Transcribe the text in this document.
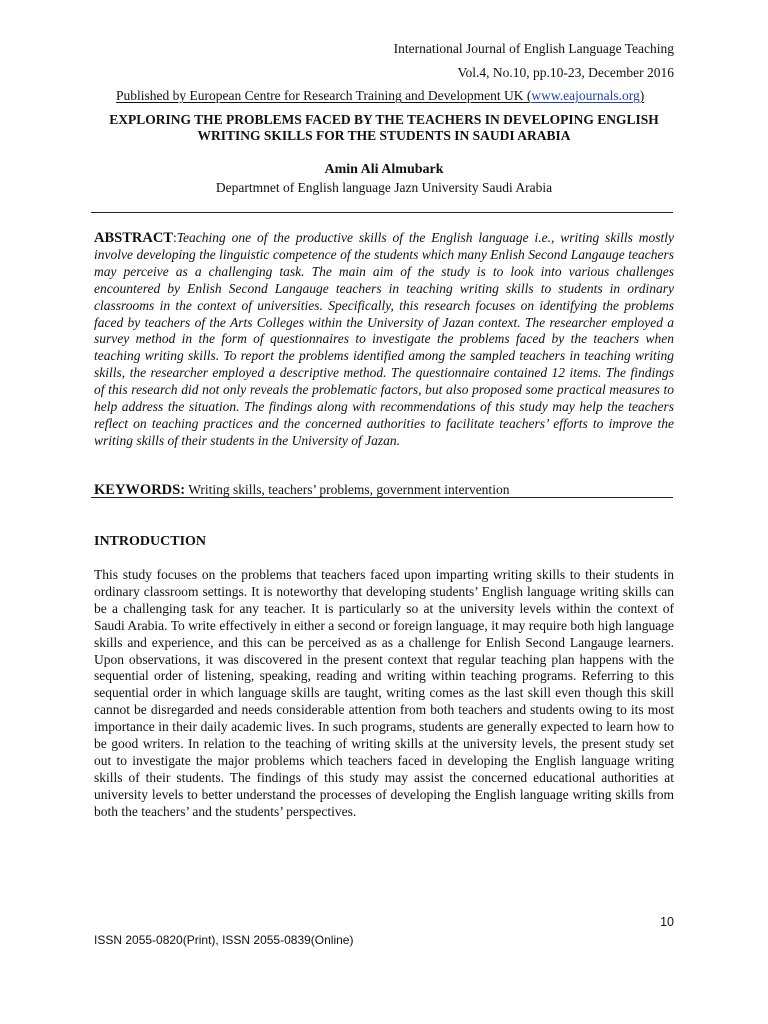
International Journal of English Language Teaching
Vol.4, No.10, pp.10-23, December 2016
Published by European Centre for Research Training and Development UK (www.eajournals.org)
EXPLORING THE PROBLEMS FACED BY THE TEACHERS IN DEVELOPING ENGLISH WRITING SKILLS FOR THE STUDENTS IN SAUDI ARABIA
Amin Ali Almubark
Departmnet of English language Jazn University Saudi Arabia
ABSTRACT:Teaching one of the productive skills of the English language i.e., writing skills mostly involve developing the linguistic competence of the students which many Enlish Second Langauge teachers may perceive as a challenging task. The main aim of the study is to look into various challenges encountered by Enlish Second Langauge teachers in teaching writing skills to students in ordinary classrooms in the context of universities. Specifically, this research focuses on identifying the problems faced by teachers of the Arts Colleges within the University of Jazan context. The researcher employed a survey method in the form of questionnaires to investigate the problems faced by the teachers when teaching writing skills. To report the problems identified among the sampled teachers in teaching writing skills, the researcher employed a descriptive method. The questionnaire contained 12 items. The findings of this research did not only reveals the problematic factors, but also proposed some practical measures to help address the situation. The findings along with recommendations of this study may help the teachers reflect on teaching practices and the concerned authorities to facilitate teachers’ efforts to improve the writing skills of their students in the University of Jazan.
KEYWORDS: Writing skills, teachers’ problems, government intervention
INTRODUCTION
This study focuses on the problems that teachers faced upon imparting writing skills to their students in ordinary classroom settings. It is noteworthy that developing students’ English language writing skills can be a challenging task for any teacher. It is particularly so at the university levels within the context of Saudi Arabia. To write effectively in either a second or foreign language, it may require both high language skills and experience, and this can be perceived as as a challenge for Enlish Second Langauge learners. Upon observations, it was discovered in the present context that regular teaching plan happens with the sequential order of listening, speaking, reading and writing within teaching programs. Referring to this sequential order in which language skills are taught, writing comes as the last skill even though this skill cannot be disregarded and needs considerable attention from both teachers and students owing to its most importance in their daily academic lives. In such programs, students are generally expected to learn how to be good writers. In relation to the teaching of writing skills at the university levels, the present study set out to investigate the major problems which teachers faced in developing the English language writing skills of their students. The findings of this study may assist the concerned educational authorities at university levels to better understand the processes of developing the English language writing skills from both the teachers’ and the students’ perspectives.
10
ISSN 2055-0820(Print), ISSN 2055-0839(Online)
